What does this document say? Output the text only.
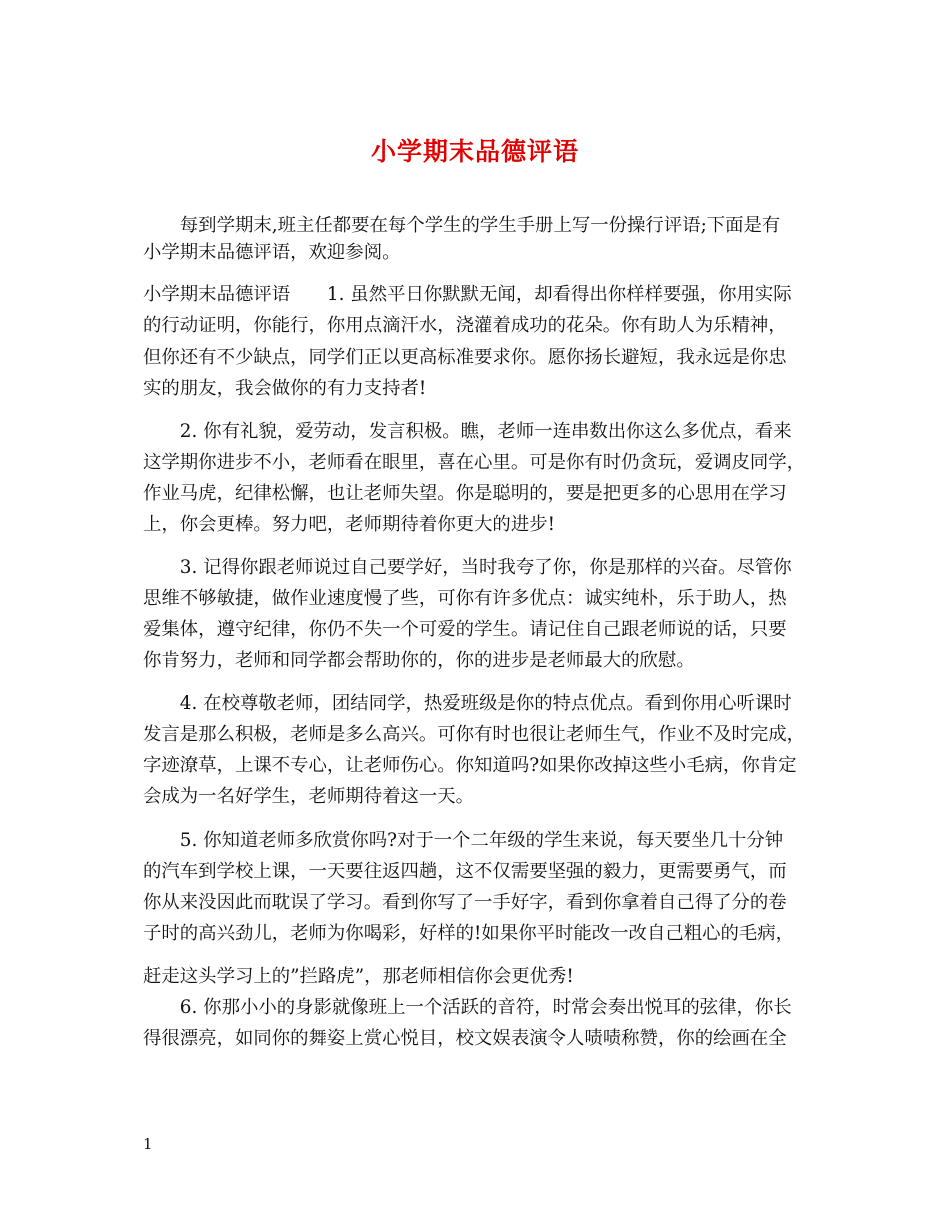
小学期末品德评语
　　每到学期末,班主任都要在每个学生的学生手册上写一份操行评语;下面是有
小学期末品德评语，欢迎参阅。
小学期末品德评语　　1. 虽然平日你默默无闻，却看得出你样样要强，你用实际
的行动证明，你能行，你用点滴汗水，浇灌着成功的花朵。你有助人为乐精神，
但你还有不少缺点，同学们正以更高标准要求你。愿你扬长避短，我永远是你忠
实的朋友，我会做你的有力支持者!
　　2. 你有礼貌，爱劳动，发言积极。瞧，老师一连串数出你这么多优点，看来
这学期你进步不小，老师看在眼里，喜在心里。可是你有时仍贪玩，爱调皮同学，
作业马虎，纪律松懈，也让老师失望。你是聪明的，要是把更多的心思用在学习
上，你会更棒。努力吧，老师期待着你更大的进步!
　　3. 记得你跟老师说过自己要学好，当时我夸了你，你是那样的兴奋。尽管你
思维不够敏捷，做作业速度慢了些，可你有许多优点：诚实纯朴，乐于助人，热
爱集体，遵守纪律，你仍不失一个可爱的学生。请记住自己跟老师说的话，只要
你肯努力，老师和同学都会帮助你的，你的进步是老师最大的欣慰。
　　4. 在校尊敬老师，团结同学，热爱班级是你的特点优点。看到你用心听课时
发言是那么积极，老师是多么高兴。可你有时也很让老师生气，作业不及时完成，
字迹潦草，上课不专心，让老师伤心。你知道吗?如果你改掉这些小毛病，你肯定
会成为一名好学生，老师期待着这一天。
　　5. 你知道老师多欣赏你吗?对于一个二年级的学生来说，每天要坐几十分钟
的汽车到学校上课，一天要往返四趟，这不仅需要坚强的毅力，更需要勇气，而
你从来没因此而耽误了学习。看到你写了一手好字，看到你拿着自己得了分的卷
子时的高兴劲儿，老师为你喝彩，好样的!如果你平时能改一改自己粗心的毛病，
赶走这头学习上的”拦路虎”，那老师相信你会更优秀!
　　6. 你那小小的身影就像班上一个活跃的音符，时常会奏出悦耳的弦律，你长
得很漂亮，如同你的舞姿上赏心悦目，校文娱表演令人啧啧称赞，你的绘画在全
1
